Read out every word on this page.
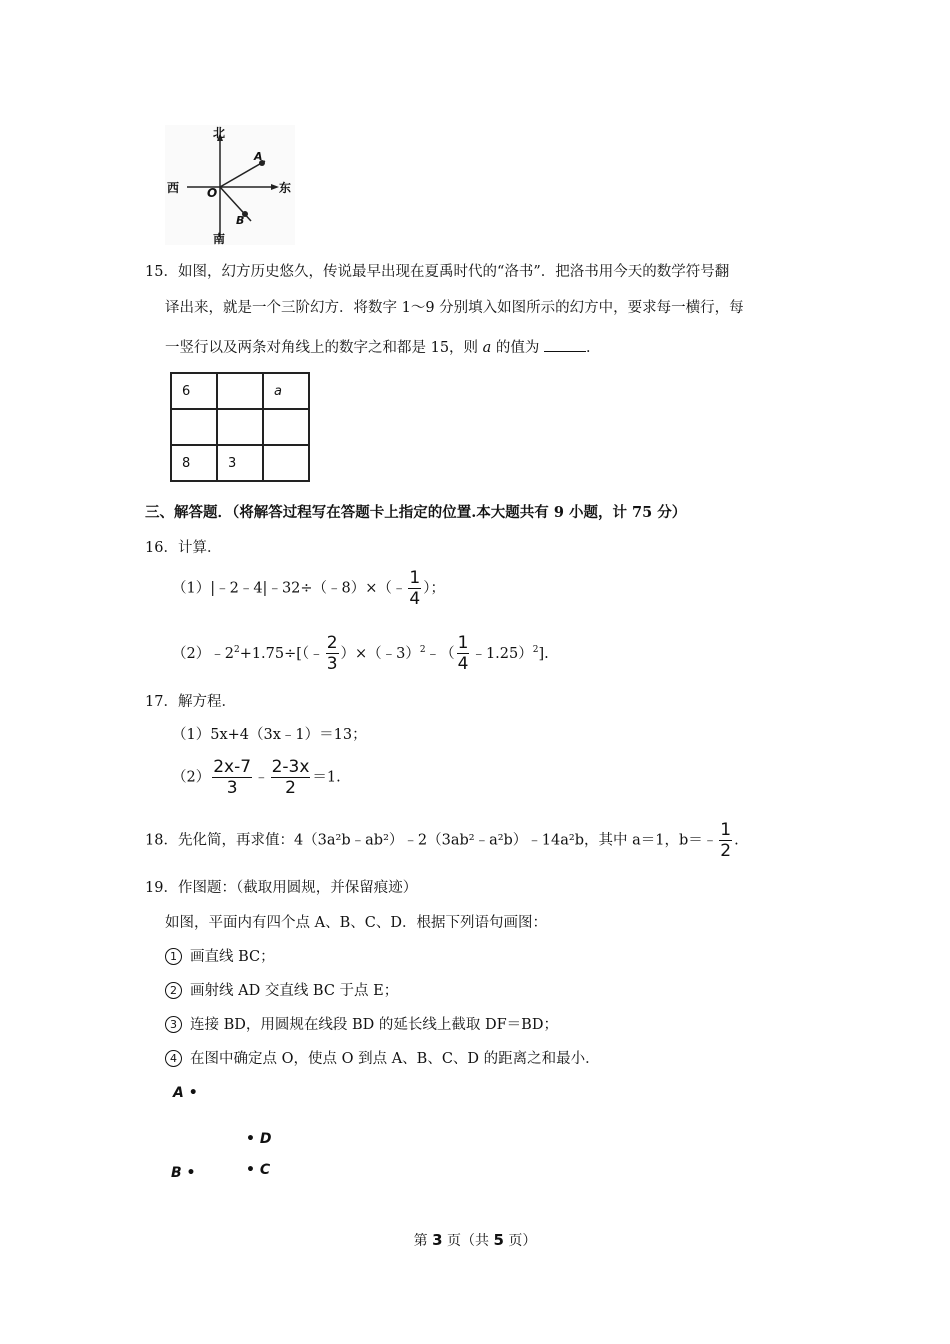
北
南
西	东
O
A
B
15．如图，幻方历史悠久，传说最早出现在夏禹时代的“洛书”．把洛书用今天的数学符号翻
译出来，就是一个三阶幻方．将数字 1～9 分别填入如图所示的幻方中，要求每一横行，每
一竖行以及两条对角线上的数字之和都是 15，则 a 的值为	．
6		a

8	3	
三、解答题．（将解答过程写在答题卡上指定的位置.本大题共有 9 小题，计 75 分）
16．计算．
（1）|﹣2﹣4|﹣32÷（﹣8）×（﹣ $\frac{1}{4}$ ）；
$(2)﹣2^2+1.75\div[(﹣ \frac{2}{3}$ ）×（﹣3）$^2$﹣（ $\frac{1}{4}$ ﹣1.25）$^2$].
17．解方程．
（1）5x+4（3x﹣1）＝13；
$(2) \frac{2x-7}{3}$ ﹣ $\frac{2-3x}{2} =1$.
18．先化简，再求值：4（3a²b﹣ab²）﹣2（3ab²﹣a²b）﹣14a²b，其中 a＝1，b＝﹣ $\frac{1}{2}$ .
19．作图题：（截取用圆规，并保留痕迹）
如图，平面内有四个点 A、B、C、D．根据下列语句画图：
1 画直线 BC；
2 画射线 AD 交直线 BC 于点 E；
3 连接 BD，用圆规在线段 BD 的延长线上截取 DF＝BD；
4 在图中确定点 O，使点 O 到点 A、B、C、D 的距离之和最小．
A •
• D
B •	• C
第 3 页（共 5 页）
